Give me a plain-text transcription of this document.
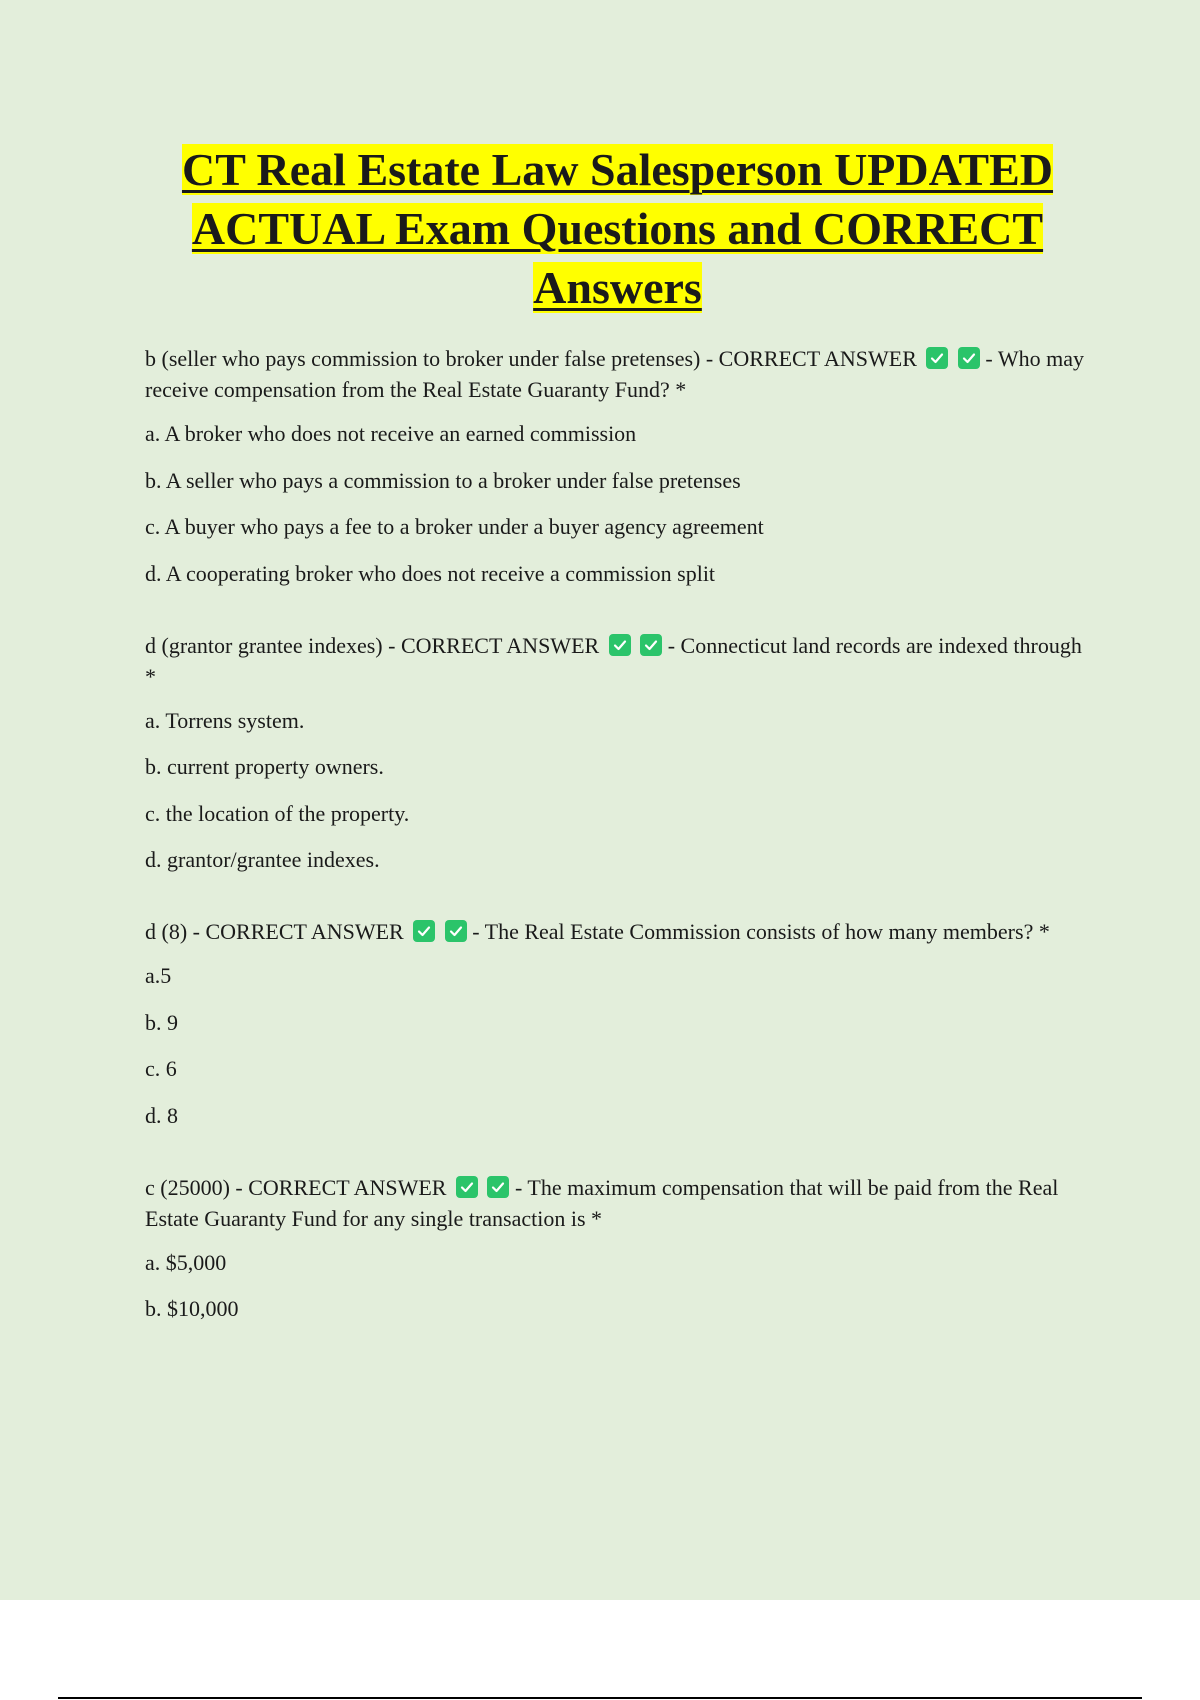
CT Real Estate Law Salesperson UPDATED
ACTUAL Exam Questions and CORRECT
Answers
b (seller who pays commission to broker under false pretenses) - CORRECT ANSWER
	- Who may receive compensation from the Real Estate Guaranty Fund? *
a. A broker who does not receive an earned commission
b. A seller who pays a commission to a broker under false pretenses
c. A buyer who pays a fee to a broker under a buyer agency agreement
d. A cooperating broker who does not receive a commission split
d (grantor grantee indexes) - CORRECT ANSWER
	- Connecticut land records are indexed through *
a. Torrens system.
b. current property owners.
c. the location of the property.
d. grantor/grantee indexes.
d (8) - CORRECT ANSWER
	- The Real Estate Commission consists of how many members? *
a.5
b. 9
c. 6
d. 8
c (25000) - CORRECT ANSWER
	- The maximum compensation that will be paid from the Real Estate Guaranty Fund for any single transaction is *
a. $5,000
b. $10,000
